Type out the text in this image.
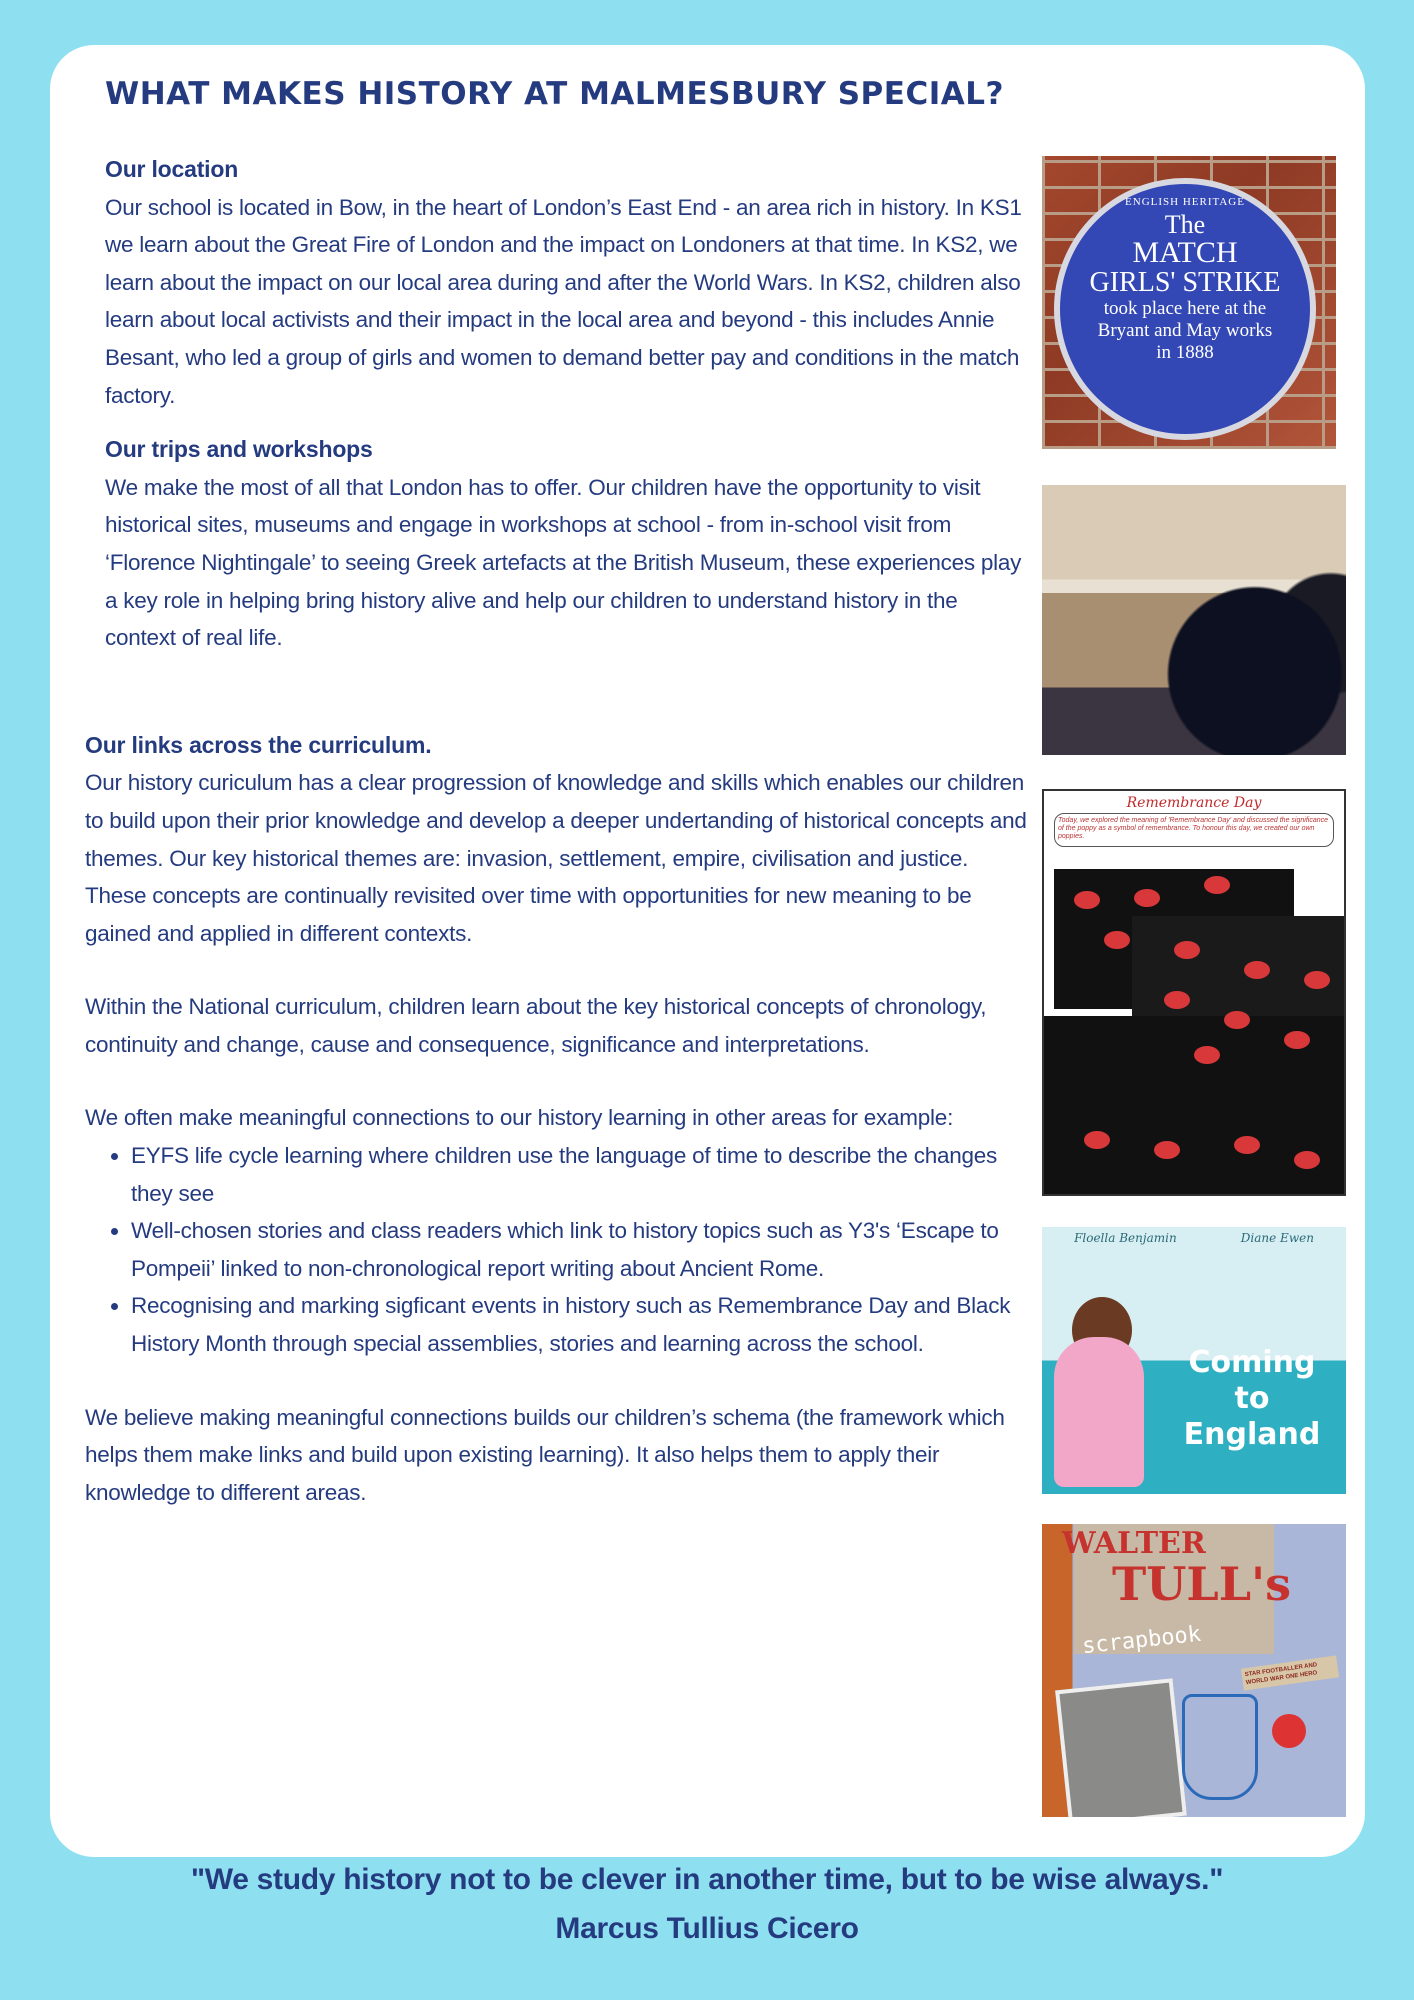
WHAT MAKES HISTORY AT MALMESBURY SPECIAL?
Our location

Our school is located in Bow, in the heart of London’s East End - an area rich in history. In KS1 we learn about the Great Fire of London and the impact on Londoners at that time. In KS2, we learn about the impact on our local area during and after the World Wars. In KS2, children also learn about local activists and their impact in the local area and beyond - this includes Annie Besant, who led a group of girls and women to demand better pay and conditions in the match factory.

Our trips and workshops

We make the most of all that London has to offer. Our children have the opportunity to visit historical sites, museums and engage in workshops at school - from in-school visit from ‘Florence Nightingale’ to seeing Greek artefacts at the British Museum, these experiences play a key role in helping bring history alive and help our children to understand history in the context of real life.

Our links across the curriculum.

Our history curiculum has a clear progression of knowledge and skills which enables our children to build upon their prior knowledge and develop a deeper undertanding of historical concepts and themes. Our key historical themes are: invasion, settlement, empire, civilisation and justice. These concepts are continually revisited over time with opportunities for new meaning to be gained and applied in different contexts.

Within the National curriculum, children learn about the key historical concepts of chronology, continuity and change, cause and consequence, significance and interpretations.

We often make meaningful connections to our history learning in other areas for example:

• EYFS life cycle learning where children use the language of time to describe the changes they see
• Well-chosen stories and class readers which link to history topics such as Y3's ‘Escape to Pompeii’ linked to non-chronological report writing about Ancient Rome.
• Recognising and marking sigficant events in history such as Remembrance Day and Black History Month through special assemblies, stories and learning across the school.

We believe making meaningful connections builds our children’s schema (the framework which helps them make links and build upon existing learning). It also helps them to apply their knowledge to different areas.

ENGLISH HERITAGE
The
MATCH
GIRLS' STRIKE
took place here at the
Bryant and May works
in 1888
Remembrance Day
Today, we explored the meaning of 'Remembrance Day' and discussed the significance of the poppy as a symbol of remembrance. To honour this day, we created our own poppies.
Floella Benjamin	Diane Ewen
Coming to England
WALTER
TULL's
scrapbook
STAR FOOTBALLER AND WORLD WAR ONE HERO
"We study history not to be clever in another time, but to be wise always."
Marcus Tullius Cicero
